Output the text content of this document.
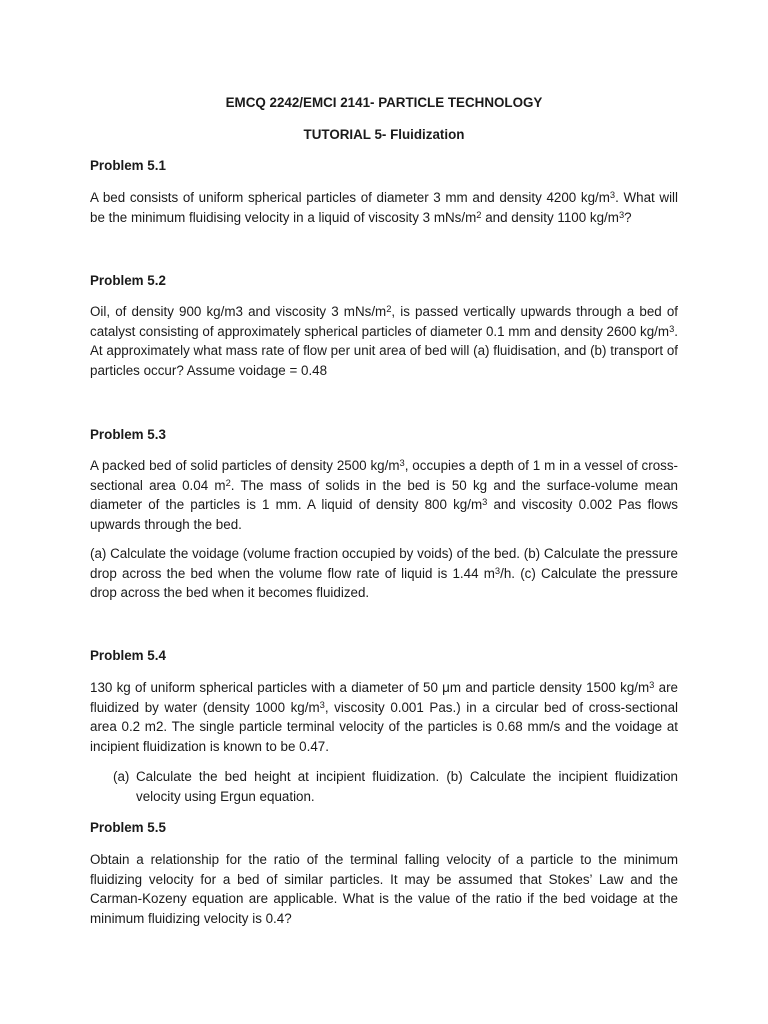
EMCQ 2242/EMCI 2141- PARTICLE TECHNOLOGY
TUTORIAL 5- Fluidization
Problem 5.1
A bed consists of uniform spherical particles of diameter 3 mm and density 4200 $kg/m^3$. What will be the minimum fluidising velocity in a liquid of viscosity 3 mNs/$m^2$ and density 1100 $kg/m^3$?
Problem 5.2
Oil, of density 900 kg/m3 and viscosity 3 mNs/$m^2$, is passed vertically upwards through a bed of catalyst consisting of approximately spherical particles of diameter 0.1 mm and density 2600 $kg/m^3$. At approximately what mass rate of flow per unit area of bed will (a) fluidisation, and (b) transport of particles occur? Assume voidage = 0.48
Problem 5.3
A packed bed of solid particles of density 2500 $kg/m^3$, occupies a depth of 1 m in a vessel of cross-sectional area 0.04 $m^2$. The mass of solids in the bed is 50 kg and the surface-volume mean diameter of the particles is 1 mm. A liquid of density 800 $kg/m^3$ and viscosity 0.002 Pas flows upwards through the bed.
(a) Calculate the voidage (volume fraction occupied by voids) of the bed. (b) Calculate the pressure drop across the bed when the volume flow rate of liquid is 1.44 $m^3/h$. (c) Calculate the pressure drop across the bed when it becomes fluidized.
Problem 5.4
130 kg of uniform spherical particles with a diameter of 50 μm and particle density 1500 $kg/m^3$ are fluidized by water (density 1000 $kg/m^3$, viscosity 0.001 Pas.) in a circular bed of cross-sectional area 0.2 m2. The single particle terminal velocity of the particles is 0.68 mm/s and the voidage at incipient fluidization is known to be 0.47.
(a) Calculate the bed height at incipient fluidization. (b) Calculate the incipient fluidization velocity using Ergun equation.
Problem 5.5
Obtain a relationship for the ratio of the terminal falling velocity of a particle to the minimum fluidizing velocity for a bed of similar particles. It may be assumed that Stokes’ Law and the Carman-Kozeny equation are applicable. What is the value of the ratio if the bed voidage at the minimum fluidizing velocity is 0.4?
